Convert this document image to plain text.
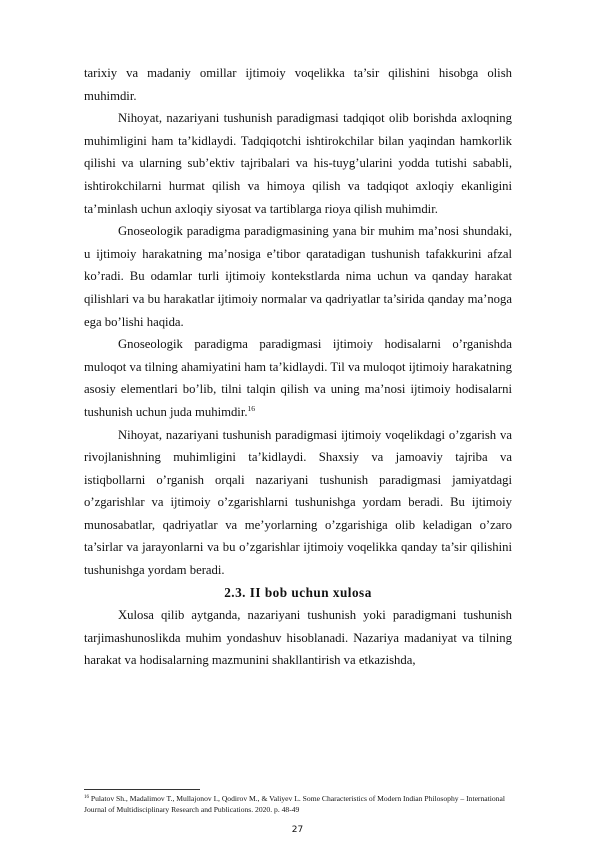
tarixiy va madaniy omillar ijtimoiy voqelikka ta’sir qilishini hisobga olish muhimdir.

Nihoyat, nazariyani tushunish paradigmasi tadqiqot olib borishda axloqning muhimligini ham ta’kidlaydi. Tadqiqotchi ishtirokchilar bilan yaqindan hamkorlik qilishi va ularning sub’ektiv tajribalari va his-tuyg’ularini yodda tutishi sababli, ishtirokchilarni hurmat qilish va himoya qilish va tadqiqot axloqiy ekanligini ta’minlash uchun axloqiy siyosat va tartiblarga rioya qilish muhimdir.

Gnoseologik paradigma paradigmasining yana bir muhim ma’nosi shundaki, u ijtimoiy harakatning ma’nosiga e’tibor qaratadigan tushunish tafakkurini afzal ko’radi. Bu odamlar turli ijtimoiy kontekstlarda nima uchun va qanday harakat qilishlari va bu harakatlar ijtimoiy normalar va qadriyatlar ta’sirida qanday ma’noga ega bo’lishi haqida.

Gnoseologik paradigma paradigmasi ijtimoiy hodisalarni o’rganishda muloqot va tilning ahamiyatini ham ta’kidlaydi. Til va muloqot ijtimoiy harakatning asosiy elementlari bo’lib, tilni talqin qilish va uning ma’nosi ijtimoiy hodisalarni tushunish uchun juda muhimdir.$^{16}$

Nihoyat, nazariyani tushunish paradigmasi ijtimoiy voqelikdagi o’zgarish va rivojlanishning muhimligini ta’kidlaydi. Shaxsiy va jamoaviy tajriba va istiqbollarni o’rganish orqali nazariyani tushunish paradigmasi jamiyatdagi o’zgarishlar va ijtimoiy o’zgarishlarni tushunishga yordam beradi. Bu ijtimoiy munosabatlar, qadriyatlar va me’yorlarning o’zgarishiga olib keladigan o’zaro ta’sirlar va jarayonlarni va bu o’zgarishlar ijtimoiy voqelikka qanday ta’sir qilishini tushunishga yordam beradi.

2.3. II bob uchun xulosa

Xulosa qilib aytganda, nazariyani tushunish yoki paradigmani tushunish tarjimashunoslikda muhim yondashuv hisoblanadi. Nazariya madaniyat va tilning harakat va hodisalarning mazmunini shakllantirish va etkazishda,

$^{16}$ Pulatov Sh., Madalimov T., Mullajonov I., Qodirov M., & Valiyev L. Some Characteristics of Modern Indian Philosophy – International Journal of Multidisciplinary Research and Publications. 2020. p. 48-49

27
